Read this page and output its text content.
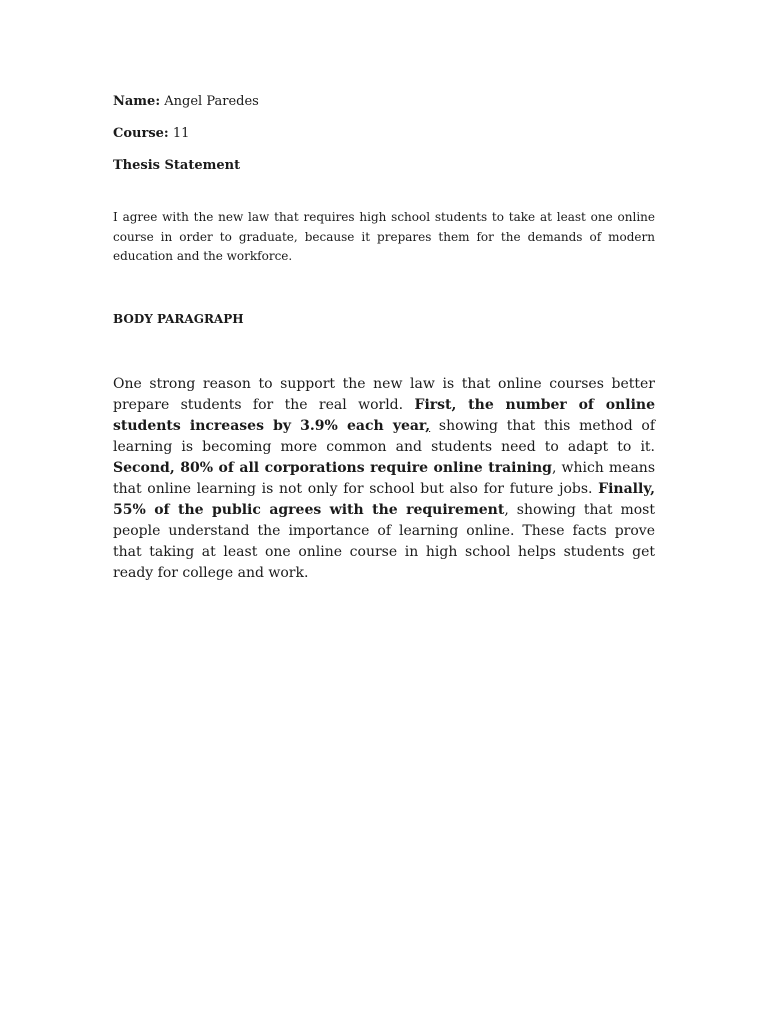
Name: Angel Paredes
Course: 11
Thesis Statement

I agree with the new law that requires high school students to take at least one online course in order to graduate, because it prepares them for the demands of modern education and the workforce.

BODY PARAGRAPH

One strong reason to support the new law is that online courses better prepare students for the real world. First, the number of online students increases by 3.9% each year, showing that this method of learning is becoming more common and students need to adapt to it. Second, 80% of all corporations require online training, which means that online learning is not only for school but also for future jobs. Finally, 55% of the public agrees with the requirement, showing that most people understand the importance of learning online. These facts prove that taking at least one online course in high school helps students get ready for college and work.
